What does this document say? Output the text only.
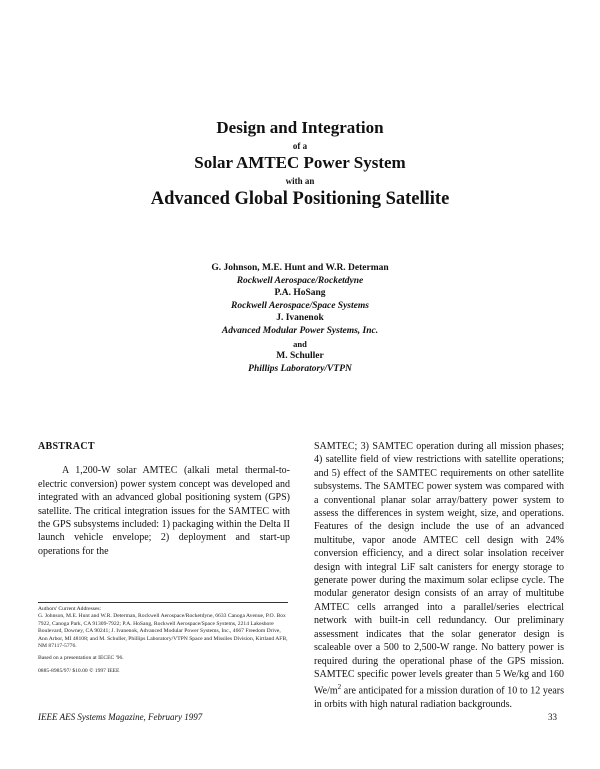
Design and Integration

of a

Solar AMTEC Power System

with an

Advanced Global Positioning Satellite

G. Johnson, M.E. Hunt and W.R. Determan
Rockwell Aerospace/Rocketdyne
P.A. HoSang
Rockwell Aerospace/Space Systems
J. Ivanenok
Advanced Modular Power Systems, Inc.
and
M. Schuller
Phillips Laboratory/VTPN
ABSTRACT

A 1,200-W solar AMTEC (alkali metal thermal-to-electric conversion) power system concept was developed and integrated with an advanced global positioning system (GPS) satellite. The critical integration issues for the SAMTEC with the GPS subsystems included: 1) packaging within the Delta II launch vehicle envelope; 2) deployment and start-up operations for the

SAMTEC; 3) SAMTEC operation during all mission phases; 4) satellite field of view restrictions with satellite operations; and 5) effect of the SAMTEC requirements on other satellite subsystems. The SAMTEC power system was compared with a conventional planar solar array/battery power system to assess the differences in system weight, size, and operations. Features of the design include the use of an advanced multitube, vapor anode AMTEC cell design with 24% conversion efficiency, and a direct solar insolation receiver design with integral LiF salt canisters for energy storage to generate power during the maximum solar eclipse cycle. The modular generator design consists of an array of multitube AMTEC cells arranged into a parallel/series electrical network with built-in cell redundancy. Our preliminary assessment indicates that the solar generator design is scaleable over a 500 to 2,500-W range. No battery power is required during the operational phase of the GPS mission. SAMTEC specific power levels greater than 5 We/kg and 160 $We/m^2$ are anticipated for a mission duration of 10 to 12 years in orbits with high natural radiation backgrounds.

Authors' Current Addresses:

G. Johnson, M.E. Hunt and W.R. Determan, Rockwell Aerospace/Rocketdyne, 6633 Canoga Avenue, P.O. Box 7922, Canoga Park, CA 91309-7922; P.A. HoSang, Rockwell Aerospace/Space Systems, 2214 Lakeshore Boulevard, Downey, CA 90241; J. Ivanenok, Advanced Modular Power Systems, Inc., 4667 Freedom Drive, Ann Arbor, MI 48108; and M. Schuller, Phillips Laboratory/VTPN Space and Missiles Division, Kirtland AFB, NM 87117-5776.

Based on a presentation at IECEC '96.

0885-8985/97/ $10.00 © 1997 IEEE

IEEE AES Systems Magazine, February 1997	33
